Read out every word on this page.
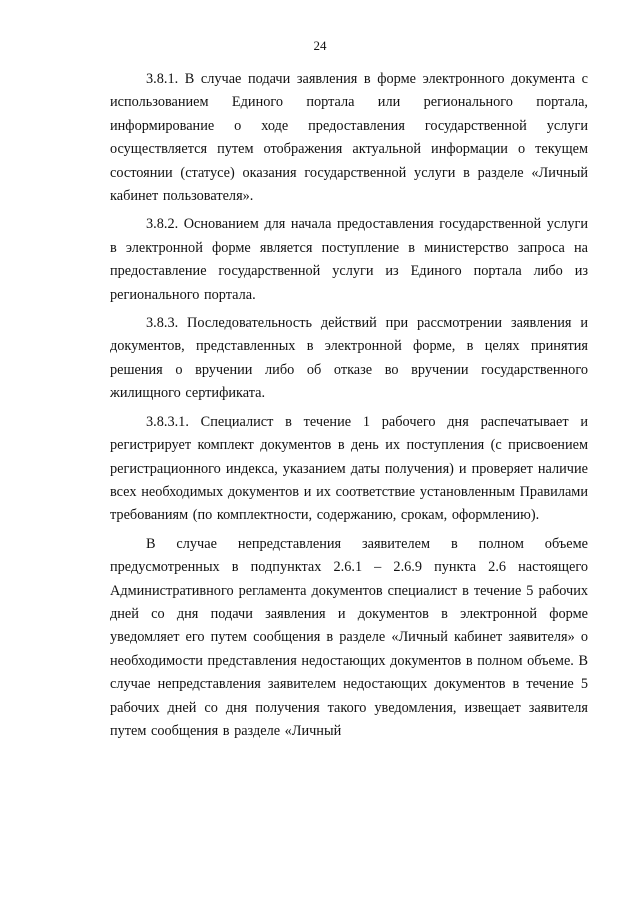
24

3.8.1. В случае подачи заявления в форме электронного документа с использованием Единого портала или регионального портала, информирование о ходе предоставления государственной услуги осуществляется путем отображения актуальной информации о текущем состоянии (статусе) оказания государственной услуги в разделе «Личный кабинет пользователя».

3.8.2. Основанием для начала предоставления государственной услуги в электронной форме является поступление в министерство запроса на предоставление государственной услуги из Единого портала либо из регионального портала.

3.8.3. Последовательность действий при рассмотрении заявления и документов, представленных в электронной форме, в целях принятия решения о вручении либо об отказе во вручении государственного жилищного сертификата.

3.8.3.1. Специалист в течение 1 рабочего дня распечатывает и регистрирует комплект документов в день их поступления (с присвоением регистрационного индекса, указанием даты получения) и проверяет наличие всех необходимых документов и их соответствие установленным Правилами требованиям (по комплектности, содержанию, срокам, оформлению).

В случае непредставления заявителем в полном объеме предусмотренных в подпунктах 2.6.1 – 2.6.9 пункта 2.6 настоящего Административного регламента документов специалист в течение 5 рабочих дней со дня подачи заявления и документов в электронной форме уведомляет его путем сообщения в разделе «Личный кабинет заявителя» о необходимости представления недостающих документов в полном объеме. В случае непредставления заявителем недостающих документов в течение 5 рабочих дней со дня получения такого уведомления, извещает заявителя путем сообщения в разделе «Личный
